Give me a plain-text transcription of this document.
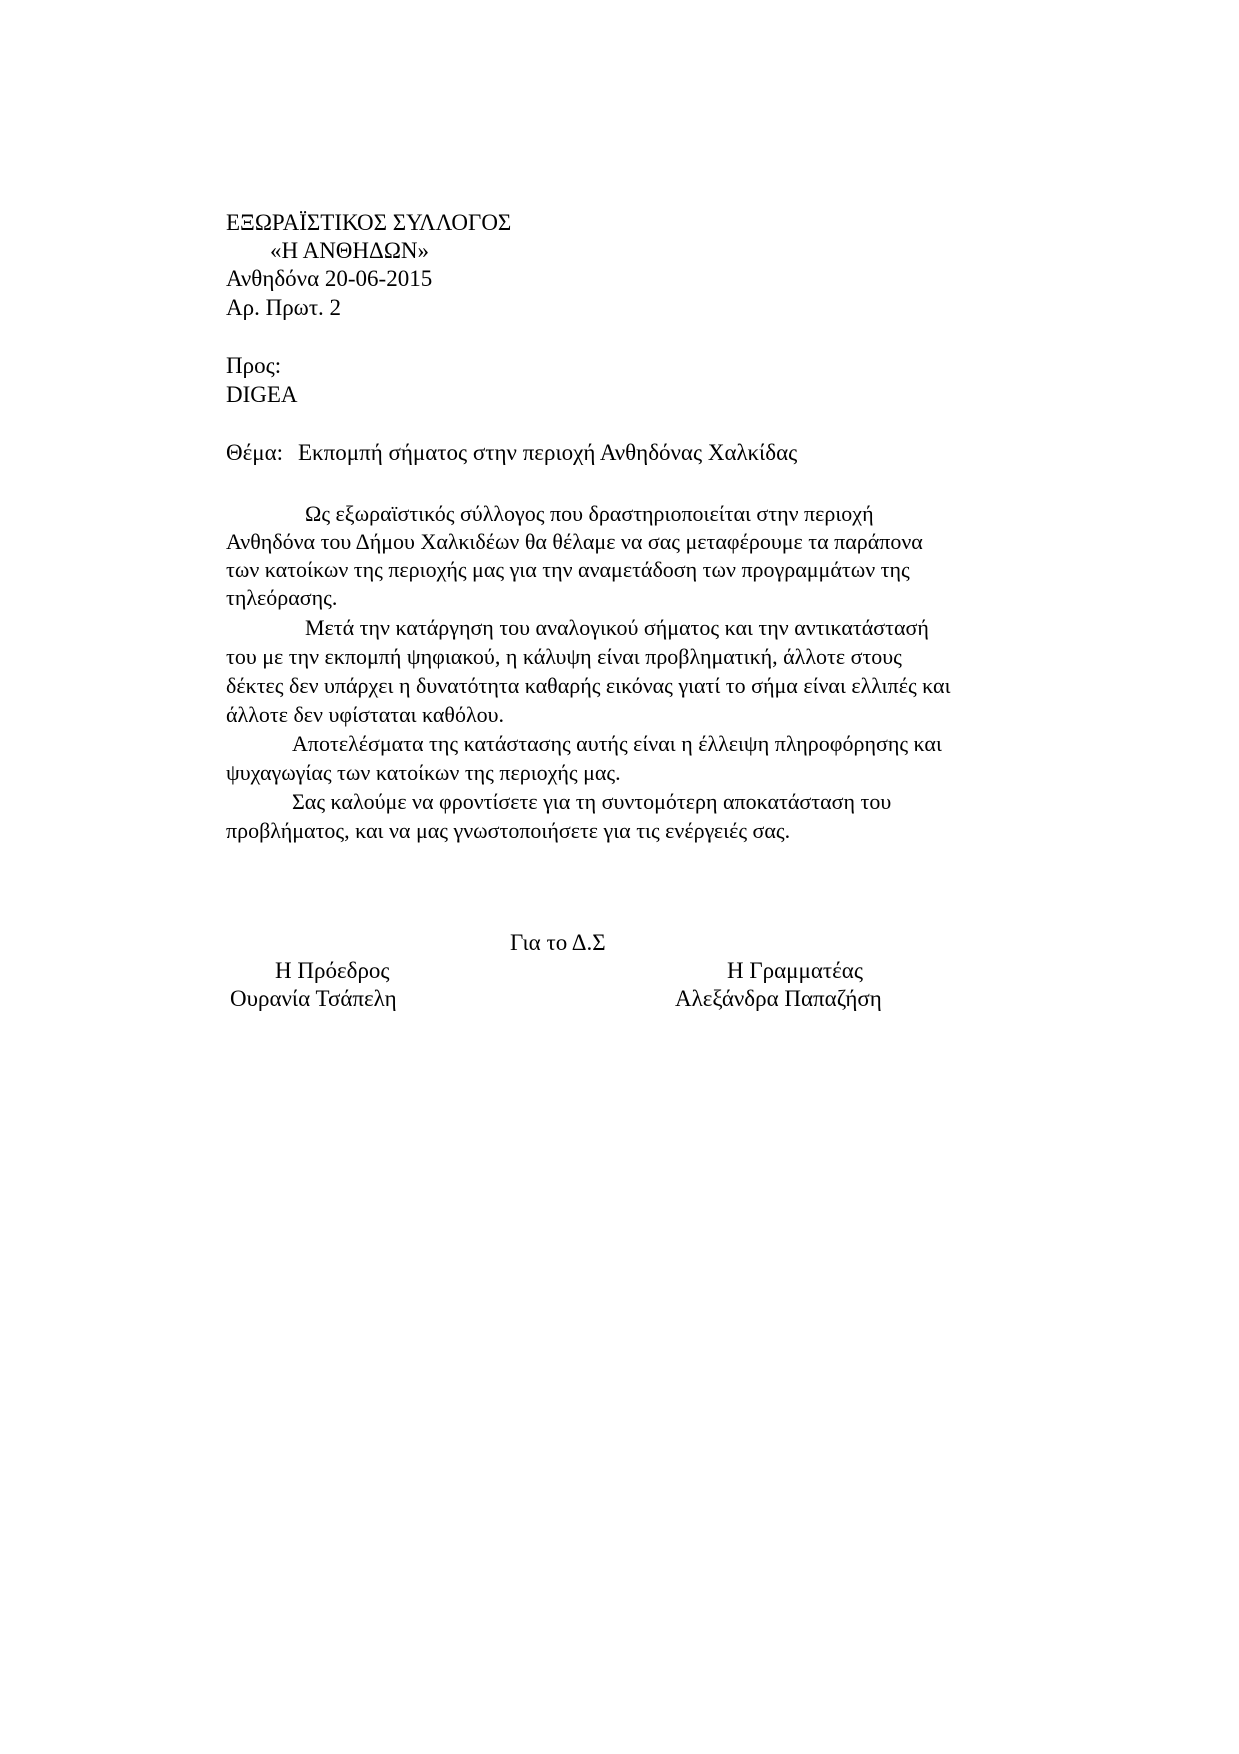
ΕΞΩΡΑΪΣΤΙΚΟΣ ΣΥΛΛΟΓΟΣ
«Η ΑΝΘΗΔΩΝ»
Ανθηδόνα 20-06-2015
Αρ. Πρωτ. 2
Προς:
DIGEA
Θέμα: Εκπομπή σήματος στην περιοχή Ανθηδόνας Χαλκίδας
Ως εξωραϊστικός σύλλογος που δραστηριοποιείται στην περιοχή
Ανθηδόνα του Δήμου Χαλκιδέων θα θέλαμε να σας μεταφέρουμε τα παράπονα
των κατοίκων της περιοχής μας για την αναμετάδοση των προγραμμάτων της
τηλεόρασης.
Μετά την κατάργηση του αναλογικού σήματος και την αντικατάστασή
του με την εκπομπή ψηφιακού, η κάλυψη είναι προβληματική, άλλοτε στους
δέκτες δεν υπάρχει η δυνατότητα καθαρής εικόνας γιατί το σήμα είναι ελλιπές και
άλλοτε δεν υφίσταται καθόλου.
Αποτελέσματα της κατάστασης αυτής είναι η έλλειψη πληροφόρησης και
ψυχαγωγίας των κατοίκων της περιοχής μας.
Σας καλούμε να φροντίσετε για τη συντομότερη αποκατάσταση του
προβλήματος, και να μας γνωστοποιήσετε για τις ενέργειές σας.
Για το Δ.Σ
Η Πρόεδρος
Ουρανία Τσάπελη
Η Γραμματέας
Αλεξάνδρα Παπαζήση
